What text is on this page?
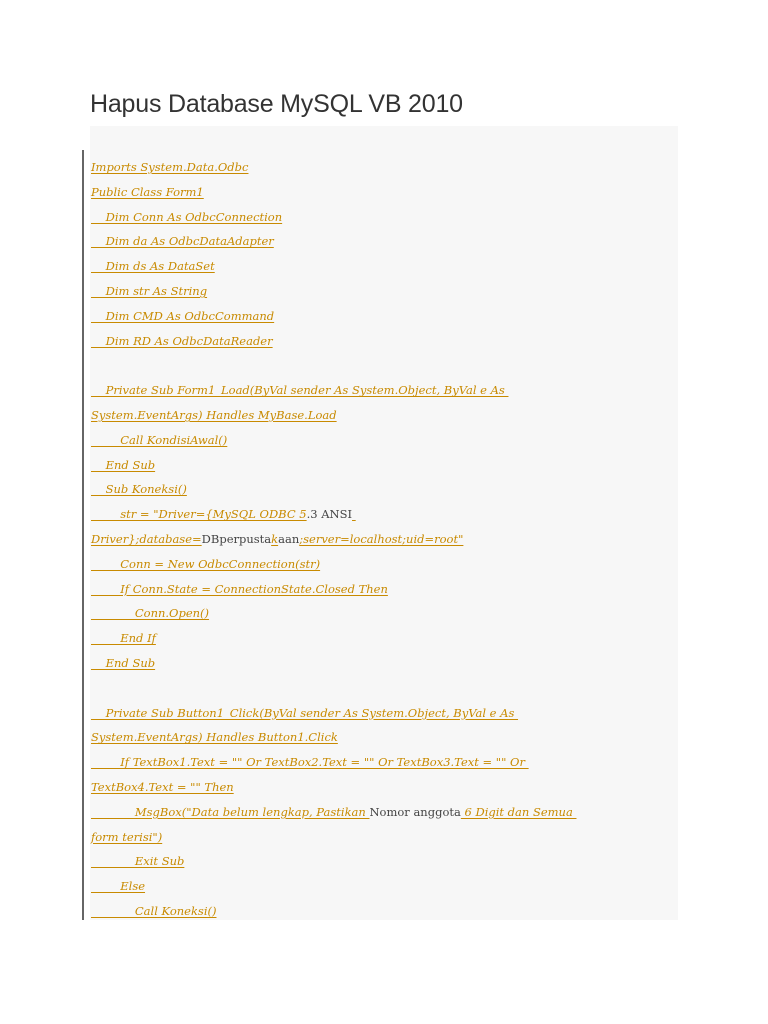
Hapus Database MySQL VB 2010
Imports System.Data.Odbc
Public Class Form1
Dim Conn As OdbcConnection
Dim da As OdbcDataAdapter
Dim ds As DataSet
Dim str As String
Dim CMD As OdbcCommand
Dim RD As OdbcDataReader
Private Sub Form1_Load(ByVal sender As System.Object, ByVal e As
System.EventArgs) Handles MyBase.Load
Call KondisiAwal()
End Sub
Sub Koneksi()
str = "Driver={MySQL ODBC 5.3 ANSI
Driver};database=DBperpustakaan;server=localhost;uid=root"
Conn = New OdbcConnection(str)
If Conn.State = ConnectionState.Closed Then
Conn.Open()
End If
End Sub
Private Sub Button1_Click(ByVal sender As System.Object, ByVal e As
System.EventArgs) Handles Button1.Click
If TextBox1.Text = "" Or TextBox2.Text = "" Or TextBox3.Text = "" Or
TextBox4.Text = "" Then
MsgBox("Data belum lengkap, Pastikan Nomor anggota 6 Digit dan Semua
form terisi")
Exit Sub
Else
Call Koneksi()
